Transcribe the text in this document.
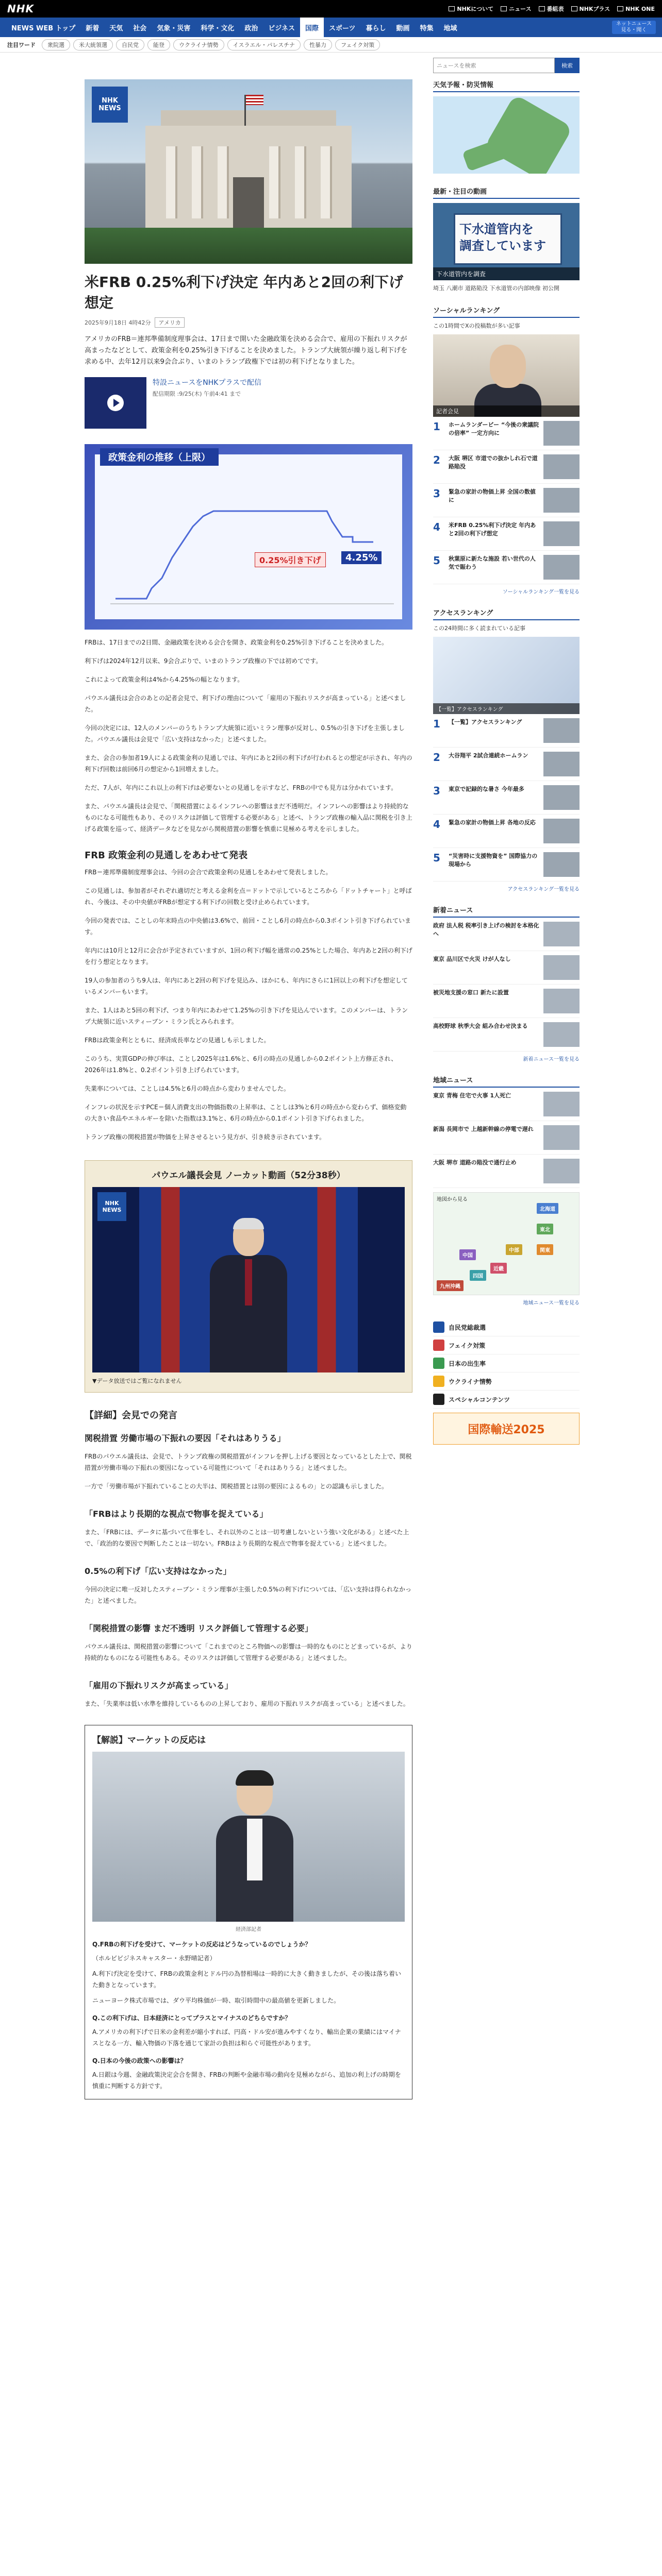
NHK	NHKについて	ニュース	番組表	NHKプラス	NHK ONE
NEWS WEB トップ	新着	天気	社会	気象・災害	科学・文化	政治	ビジネス	国際	スポーツ	暮らし	動画	特集	地域
ネットニュース
見る・聞く
注目ワード	衆院選	米大統領選	自民党	能登	ウクライナ情勢	イスラエル・パレスチナ	性暴力	フェイク対策
ニュースを検索
検索
NHK
NEWS
米FRB 0.25%利下げ決定 年内あと2回の利下げ想定
2025年9月18日 4時42分	アメリカ

アメリカのFRB＝連邦準備制度理事会は、17日まで開いた金融政策を決める会合で、雇用の下振れリスクが高まったなどとして、政策金利を0.25%引き下げることを決めました。トランプ大統領が繰り返し利下げを求める中、去年12月以来9会合ぶり、いまのトランプ政権下では初の利下げとなりました。

特設ニュースをNHKプラスで配信
配信期限 :9/25(木) 午前4:41 まで
政策金利の推移（上限）
0.25%引き下げ	4.25%

FRBは、17日までの2日間、金融政策を決める会合を開き、政策金利を0.25%引き下げることを決めました。

利下げは2024年12月以来、9会合ぶりで、いまのトランプ政権の下では初めてです。

これによって政策金利は4%から4.25%の幅となります。

パウエル議長は会合のあとの記者会見で、利下げの理由について「雇用の下振れリスクが高まっている」と述べました。

今回の決定には、12人のメンバーのうちトランプ大統領に近いミラン理事が反対し、0.5%の引き下げを主張しました。パウエル議長は会見で「広い支持はなかった」と述べました。

また、会合の参加者19人による政策金利の見通しでは、年内にあと2回の利下げが行われるとの想定が示され、年内の利下げ回数は前回6月の想定から1回増えました。

ただ、7人が、年内にこれ以上の利下げは必要ないとの見通しを示すなど、FRBの中でも見方は分かれています。

また、パウエル議長は会見で、「関税措置によるインフレへの影響はまだ不透明だ。インフレへの影響はより持続的なものになる可能性もあり、そのリスクは評価して管理する必要がある」と述べ、トランプ政権の輸入品に関税を引き上げる政策を巡って、経済データなどを見ながら関税措置の影響を慎重に見極める考えを示しました。

FRB 政策金利の見通しをあわせて発表

FRB＝連邦準備制度理事会は、今回の会合で政策金利の見通しをあわせて発表しました。

この見通しは、参加者がそれぞれ適切だと考える金利を点＝ドットで示しているところから「ドットチャート」と呼ばれ、今後は、その中央値がFRBが想定する利下げの回数と受け止められています。

今回の発表では、ことしの年末時点の中央値は3.6%で、前回・ことし6月の時点から0.3ポイント引き下げられています。

年内には10月と12月に会合が予定されていますが、1回の利下げ幅を通常の0.25%とした場合、年内あと2回の利下げを行う想定となります。

19人の参加者のうち9人は、年内にあと2回の利下げを見込み、ほかにも、年内にさらに1回以上の利下げを想定しているメンバーもいます。

また、1人はあと5回の利下げ、つまり年内にあわせて1.25%の引き下げを見込んでいます。このメンバーは、トランプ大統領に近いスティーブン・ミラン氏とみられます。

FRBは政策金利とともに、経済成長率などの見通しも示しました。

このうち、実質GDPの伸び率は、ことし2025年は1.6%と、6月の時点の見通しから0.2ポイント上方修正され、2026年は1.8%と、0.2ポイント引き上げられています。

失業率については、ことしは4.5%と6月の時点から変わりませんでした。

インフレの状況を示すPCE＝個人消費支出の物価指数の上昇率は、ことしは3%と6月の時点から変わらず、価格変動の大きい食品やエネルギーを除いた指数は3.1%と、6月の時点から0.1ポイント引き下げられました。

トランプ政権の関税措置が物価を上昇させるという見方が、引き続き示されています。

パウエル議長会見 ノーカット動画（52分38秒）
NHK
NEWS
▼データ放送ではご覧になれません
【詳細】会見での発言
関税措置 労働市場の下振れの要因「それはありうる」

FRBのパウエル議長は、会見で、トランプ政権の関税措置がインフレを押し上げる要因となっているとした上で、関税措置が労働市場の下振れの要因になっている可能性について「それはありうる」と述べました。

一方で「労働市場が下振れていることの大半は、関税措置とは別の要因によるもの」との認識も示しました。

「FRBはより長期的な視点で物事を捉えている」

また、「FRBには、データに基づいて仕事をし、それ以外のことは一切考慮しないという強い文化がある」と述べた上で、「政治的な要因で判断したことは一切ない。FRBはより長期的な視点で物事を捉えている」と述べました。

0.5%の利下げ「広い支持はなかった」

今回の決定に唯一反対したスティーブン・ミラン理事が主張した0.5%の利下げについては、「広い支持は得られなかった」と述べました。

「関税措置の影響 まだ不透明 リスク評価して管理する必要」

パウエル議長は、関税措置の影響について「これまでのところ物価への影響は一時的なものにとどまっているが、より持続的なものになる可能性もある。そのリスクは評価して管理する必要がある」と述べました。

「雇用の下振れリスクが高まっている」

また、「失業率は低い水準を維持しているものの上昇しており、雇用の下振れリスクが高まっている」と述べました。

【解説】マーケットの反応は
経済部記者

Q.FRBの利下げを受けて、マーケットの反応はどうなっているのでしょうか？

（ホルビビジネスキャスター・永野晴記者）

A.利下げ決定を受けて、FRBの政策金利とドル円の為替相場は一時的に大きく動きましたが、その後は落ち着いた動きとなっています。

ニューヨーク株式市場では、ダウ平均株価が一時、取引時間中の最高値を更新しました。

Q.この利下げは、日本経済にとってプラスとマイナスのどちらですか？

A.アメリカの利下げで日米の金利差が縮小すれば、円高・ドル安が進みやすくなり、輸出企業の業績にはマイナスとなる一方、輸入物価の下落を通じて家計の負担は和らぐ可能性があります。

Q.日本の今後の政策への影響は？

A.日銀は今週、金融政策決定会合を開き、FRBの判断や金融市場の動向を見極めながら、追加の利上げの時期を慎重に判断する方針です。

天気予報・防災情報
最新・注目の動画
下水道管内を
調査しています
下水道管内を調査
埼玉 八潮市 道路陥没 下水道管の内部映像 初公開
ソーシャルランキング
この1時間でXの投稿数が多い記事
記者会見
1	ホームランダービー “今後の衆議院の倍率” 一定方向に
2	大阪 堺区 市道での抜かしれ石で道路陥没
3	緊急の家計の物価上昇 全国の数値に
4	米FRB 0.25%利下げ決定 年内あと2回の利下げ想定
5	秋葉原に新たな施設 若い世代の人気で賑わう
ソーシャルランキング一覧を見る
アクセスランキング
この24時間に多く読まれている記事
【一覧】アクセスランキング
1	【一覧】アクセスランキング
2	大谷翔平 2試合連続ホームラン
3	東京で記録的な暑さ 今年最多
4	緊急の家計の物価上昇 各地の反応
5	“災害時に支援物資を” 国際協力の現場から
アクセスランキング一覧を見る
新着ニュース
政府 法人税 税率引き上げの検討を本格化へ
東京 品川区で火災 けが人なし
被災地支援の窓口 新たに設置
高校野球 秋季大会 組み合わせ決まる
新着ニュース一覧を見る
地域ニュース
東京 青梅 住宅で火事 1人死亡
新潟 長岡市で 上越新幹線の停電で遅れ
大阪 堺市 道路の陥没で通行止め
地図から見る
北海道
東北
関東
中部
近畿
中国
四国
九州沖縄
地域ニュース一覧を見る
自民党総裁選
フェイク対策
日本の出生率
ウクライナ情勢
スペシャルコンテンツ
国際輸送2025
